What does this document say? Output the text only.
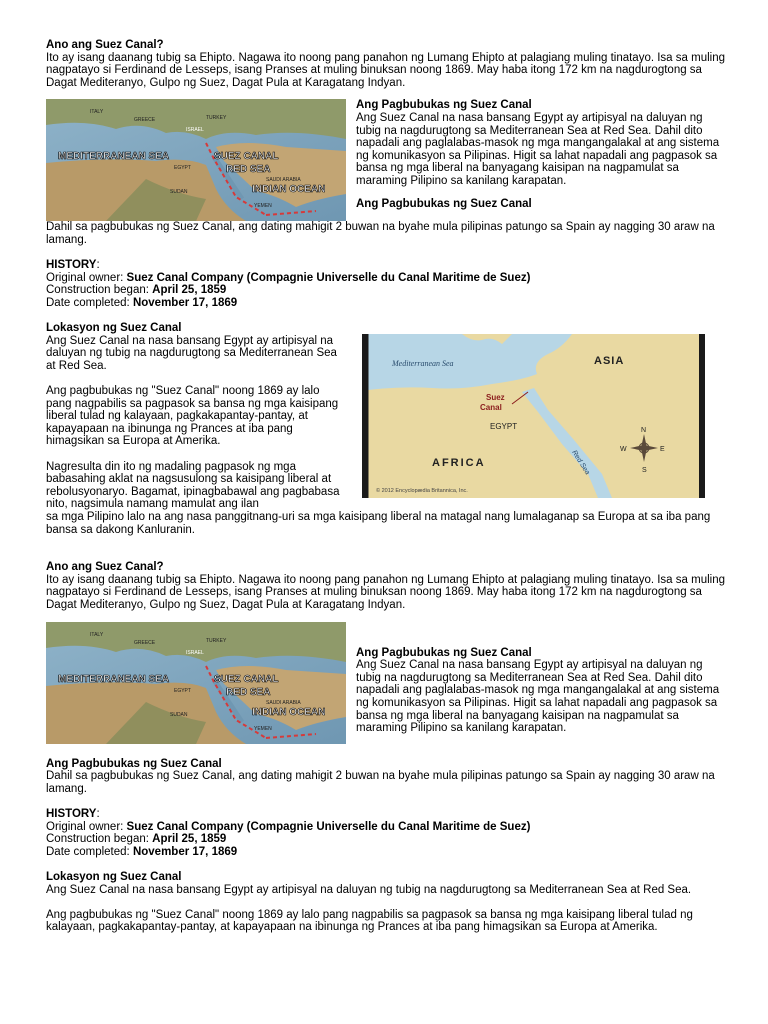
Ano ang Suez Canal?

Ito ay isang daanang tubig sa Ehipto. Nagawa ito noong pang panahon ng Lumang Ehipto at palagiang muling tinatayo. Isa sa muling nagpatayo si Ferdinand de Lesseps, isang Pranses at muling binuksan noong 1869. May haba itong 172 km na nagdurogtong sa Dagat Mediteranyo, Gulpo ng Suez, Dagat Pula at Karagatang Indyan.

MEDITERRANEAN SEA	SUEZ CANAL
RED SEA
INDIAN OCEAN
ITALY
GREECE	TURKEY
ISRAEL
EGYPT
SUDAN
SAUDI ARABIA
YEMEN

Ang Pagbubukas ng Suez Canal

Ang Suez Canal na nasa bansang Egypt ay artipisyal na daluyan ng tubig na nagdurugtong sa Mediterranean Sea at Red Sea. Dahil dito napadali ang paglalabas-masok ng mga mangangalakal at ang sistema ng komunikasyon sa Pilipinas. Higit sa lahat napadali ang pagpasok sa bansa ng mga liberal na banyagang kaisipan na nagpamulat sa maraming Pilipino sa kanilang karapatan.

Ang Pagbubukas ng Suez Canal

Dahil sa pagbubukas ng Suez Canal, ang dating mahigit 2 buwan na byahe mula pilipinas patungo sa Spain ay nagging 30 araw na lamang.

HISTORY:

Original owner: Suez Canal Company (Compagnie Universelle du Canal Maritime de Suez)

Construction began: April 25, 1859

Date completed: November 17, 1869

Lokasyon ng Suez Canal

Ang Suez Canal na nasa bansang Egypt ay artipisyal na daluyan ng tubig na nagdurugtong sa Mediterranean Sea at Red Sea.

Ang pagbubukas ng "Suez Canal" noong 1869 ay lalo pang nagpabilis sa pagpasok sa bansa ng mga kaisipang liberal tulad ng kalayaan, pagkakapantay-pantay, at kapayapaan na ibinunga ng Prances at iba pang himagsikan sa Europa at Amerika.

Nagresulta din ito ng madaling pagpasok ng mga babasahing aklat na nagsusulong sa kaisipang liberal at rebolusyonaryo. Bagamat, ipinagbabawal ang pagbabasa nito, nagsimula namang mamulat ang ilan

Mediterranean Sea	ASIA
Suez
Canal
EGYPT
AFRICA	Red Sea
N
S
E
W
© 2012 Encyclopædia Britannica, Inc.

sa mga Pilipino lalo na ang nasa panggitnang-uri sa mga kaisipang liberal na matagal nang lumalaganap sa Europa at sa iba pang bansa sa dakong Kanluranin.

Ano ang Suez Canal?

Ito ay isang daanang tubig sa Ehipto. Nagawa ito noong pang panahon ng Lumang Ehipto at palagiang muling tinatayo. Isa sa muling nagpatayo si Ferdinand de Lesseps, isang Pranses at muling binuksan noong 1869. May haba itong 172 km na nagdurogtong sa Dagat Mediteranyo, Gulpo ng Suez, Dagat Pula at Karagatang Indyan.

MEDITERRANEAN SEA	SUEZ CANAL
RED SEA
INDIAN OCEAN
ITALY
GREECE	TURKEY
ISRAEL
EGYPT
SUDAN
SAUDI ARABIA
YEMEN

Ang Pagbubukas ng Suez Canal

Ang Suez Canal na nasa bansang Egypt ay artipisyal na daluyan ng tubig na nagdurugtong sa Mediterranean Sea at Red Sea. Dahil dito napadali ang paglalabas-masok ng mga mangangalakal at ang sistema ng komunikasyon sa Pilipinas. Higit sa lahat napadali ang pagpasok sa bansa ng mga liberal na banyagang kaisipan na nagpamulat sa maraming Pilipino sa kanilang karapatan.

Ang Pagbubukas ng Suez Canal

Dahil sa pagbubukas ng Suez Canal, ang dating mahigit 2 buwan na byahe mula pilipinas patungo sa Spain ay nagging 30 araw na lamang.

HISTORY:

Original owner: Suez Canal Company (Compagnie Universelle du Canal Maritime de Suez)

Construction began: April 25, 1859

Date completed: November 17, 1869

Lokasyon ng Suez Canal

Ang Suez Canal na nasa bansang Egypt ay artipisyal na daluyan ng tubig na nagdurugtong sa Mediterranean Sea at Red Sea.

Ang pagbubukas ng "Suez Canal" noong 1869 ay lalo pang nagpabilis sa pagpasok sa bansa ng mga kaisipang liberal tulad ng kalayaan, pagkakapantay-pantay, at kapayapaan na ibinunga ng Prances at iba pang himagsikan sa Europa at Amerika.
